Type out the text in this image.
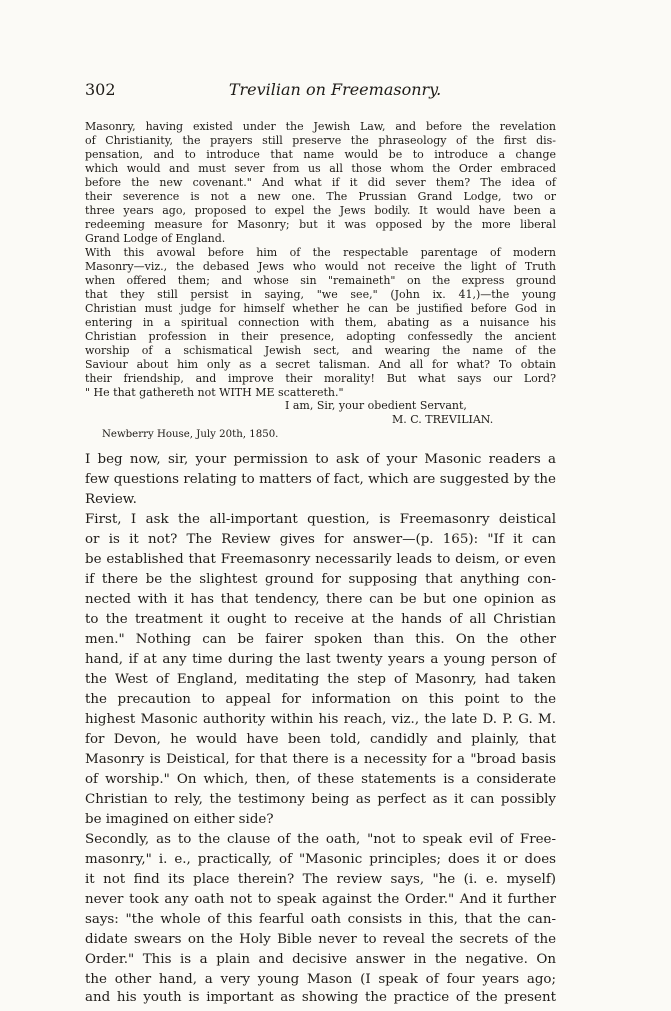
302	Trevilian on Freemasonry.
Masonry, having existed under the Jewish Law, and before the revelation
of Christianity, the prayers still preserve the phraseology of the first dis-
pensation, and to introduce that name would be to introduce a change
which would and must sever from us all those whom the Order embraced
before the new covenant." And what if it did sever them? The idea of
their severence is not a new one. The Prussian Grand Lodge, two or
three years ago, proposed to expel the Jews bodily. It would have been a
redeeming measure for Masonry; but it was opposed by the more liberal
Grand Lodge of England.
With this avowal before him of the respectable parentage of modern
Masonry—viz., the debased Jews who would not receive the light of Truth
when offered them; and whose sin "remaineth" on the express ground
that they still persist in saying, "we see," (John ix. 41,)—the young
Christian must judge for himself whether he can be justified before God in
entering in a spiritual connection with them, abating as a nuisance his
Christian profession in their presence, adopting confessedly the ancient
worship of a schismatical Jewish sect, and wearing the name of the
Saviour about him only as a secret talisman. And all for what? To obtain
their friendship, and improve their morality! But what says our Lord?
" He that gathereth not WITH ME scattereth."
I am, Sir, your obedient Servant,
M. C. TREVILIAN.
Newberry House, July 20th, 1850.
I beg now, sir, your permission to ask of your Masonic readers a
few questions relating to matters of fact, which are suggested by the
Review.
First, I ask the all-important question, is Freemasonry deistical
or is it not? The Review gives for answer—(p. 165): "If it can
be established that Freemasonry necessarily leads to deism, or even
if there be the slightest ground for supposing that anything con-
nected with it has that tendency, there can be but one opinion as
to the treatment it ought to receive at the hands of all Christian
men." Nothing can be fairer spoken than this. On the other
hand, if at any time during the last twenty years a young person of
the West of England, meditating the step of Masonry, had taken
the precaution to appeal for information on this point to the
highest Masonic authority within his reach, viz., the late D. P. G. M.
for Devon, he would have been told, candidly and plainly, that
Masonry is Deistical, for that there is a necessity for a "broad basis
of worship." On which, then, of these statements is a considerate
Christian to rely, the testimony being as perfect as it can possibly
be imagined on either side?
Secondly, as to the clause of the oath, "not to speak evil of Free-
masonry," i. e., practically, of "Masonic principles; does it or does
it not find its place therein? The review says, "he (i. e. myself)
never took any oath not to speak against the Order." And it further
says: "the whole of this fearful oath consists in this, that the can-
didate swears on the Holy Bible never to reveal the secrets of the
Order." This is a plain and decisive answer in the negative. On
the other hand, a very young Mason (I speak of four years ago;
and his youth is important as showing the practice of the present
